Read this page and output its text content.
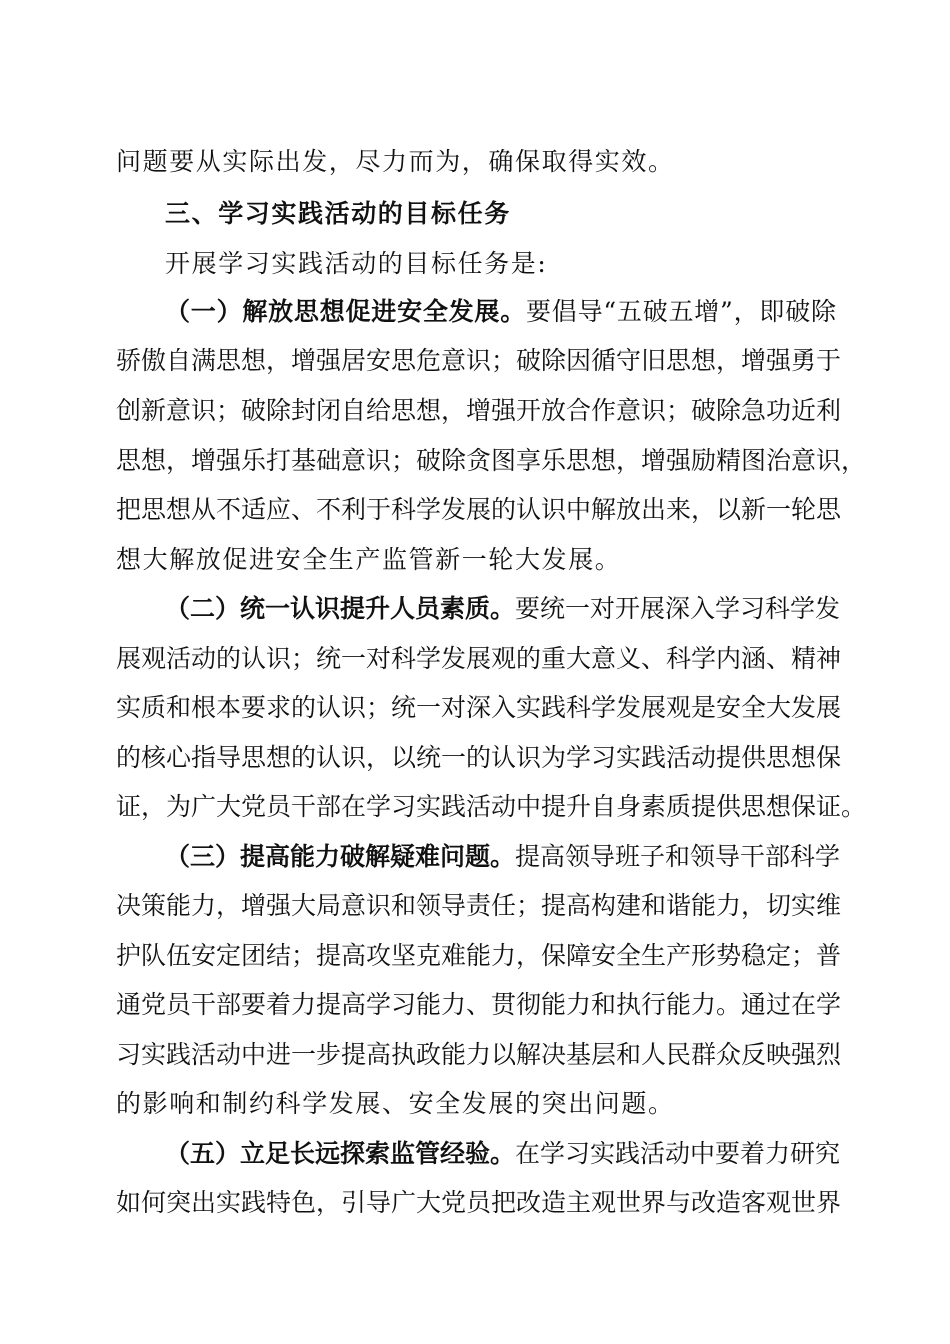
问题要从实际出发，尽力而为，确保取得实效。
三、学习实践活动的目标任务
开展学习实践活动的目标任务是:
（一）解放思想促进安全发展。要倡导“五破五增”，即破除
骄傲自满思想，增强居安思危意识；破除因循守旧思想，增强勇于
创新意识；破除封闭自给思想，增强开放合作意识；破除急功近利
思想，增强乐打基础意识；破除贪图享乐思想，增强励精图治意识，
把思想从不适应、不利于科学发展的认识中解放出来，以新一轮思
想大解放促进安全生产监管新一轮大发展。
（二）统一认识提升人员素质。要统一对开展深入学习科学发
展观活动的认识；统一对科学发展观的重大意义、科学内涵、精神
实质和根本要求的认识；统一对深入实践科学发展观是安全大发展
的核心指导思想的认识，以统一的认识为学习实践活动提供思想保
证，为广大党员干部在学习实践活动中提升自身素质提供思想保证。
（三）提高能力破解疑难问题。提高领导班子和领导干部科学
决策能力，增强大局意识和领导责任；提高构建和谐能力，切实维
护队伍安定团结；提高攻坚克难能力，保障安全生产形势稳定；普
通党员干部要着力提高学习能力、贯彻能力和执行能力。通过在学
习实践活动中进一步提高执政能力以解决基层和人民群众反映强烈
的影响和制约科学发展、安全发展的突出问题。
（五）立足长远探索监管经验。在学习实践活动中要着力研究
如何突出实践特色，引导广大党员把改造主观世界与改造客观世界
